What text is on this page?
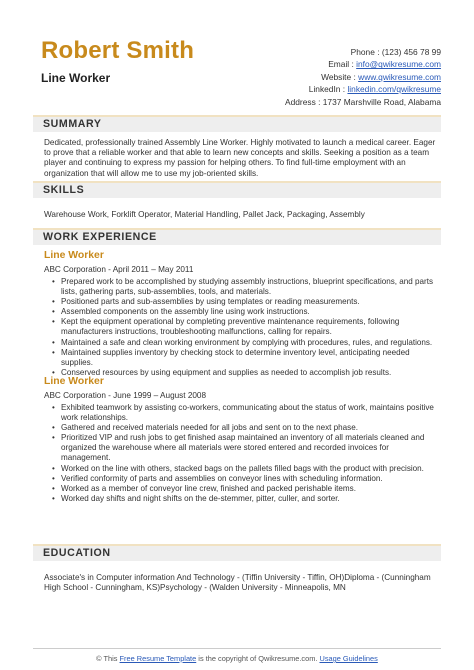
Robert Smith
Line Worker
Phone : (123) 456 78 99
Email : info@qwikresume.com
Website : www.qwikresume.com
LinkedIn : linkedin.com/qwikresume
Address : 1737 Marshville Road, Alabama
SUMMARY
Dedicated, professionally trained Assembly Line Worker. Highly motivated to launch a medical career. Eager to prove that a reliable worker and that able to learn new concepts and skills. Seeking a position as a team player and continuing to express my passion for helping others. To find full-time employment with an organization that will allow me to use my job-oriented skills.
SKILLS
Warehouse Work, Forklift Operator, Material Handling, Pallet Jack, Packaging, Assembly
WORK EXPERIENCE
Line Worker
ABC Corporation - April 2011 – May 2011
• Prepared work to be accomplished by studying assembly instructions, blueprint specifications, and parts lists, gathering parts, sub-assemblies, tools, and materials.
• Positioned parts and sub-assemblies by using templates or reading measurements.
• Assembled components on the assembly line using work instructions.
• Kept the equipment operational by completing preventive maintenance requirements, following manufacturers instructions, troubleshooting malfunctions, calling for repairs.
• Maintained a safe and clean working environment by complying with procedures, rules, and regulations.
• Maintained supplies inventory by checking stock to determine inventory level, anticipating needed supplies.
• Conserved resources by using equipment and supplies as needed to accomplish job results.
Line Worker
ABC Corporation - June 1999 – August 2008
• Exhibited teamwork by assisting co-workers, communicating about the status of work, maintains positive work relationships.
• Gathered and received materials needed for all jobs and sent on to the next phase.
• Prioritized VIP and rush jobs to get finished asap maintained an inventory of all materials cleaned and organized the warehouse where all materials were stored entered and recorded invoices for management.
• Worked on the line with others, stacked bags on the pallets filled bags with the product with precision.
• Verified conformity of parts and assemblies on conveyor lines with scheduling information.
• Worked as a member of conveyor line crew, finished and packed perishable items.
• Worked day shifts and night shifts on the de-stemmer, pitter, culler, and sorter.
EDUCATION
Associate's in Computer information And Technology - (Tiffin University - Tiffin, OH)Diploma - (Cunningham High School - Cunningham, KS)Psychology - (Walden University - Minneapolis, MN
© This Free Resume Template is the copyright of Qwikresume.com. Usage Guidelines
